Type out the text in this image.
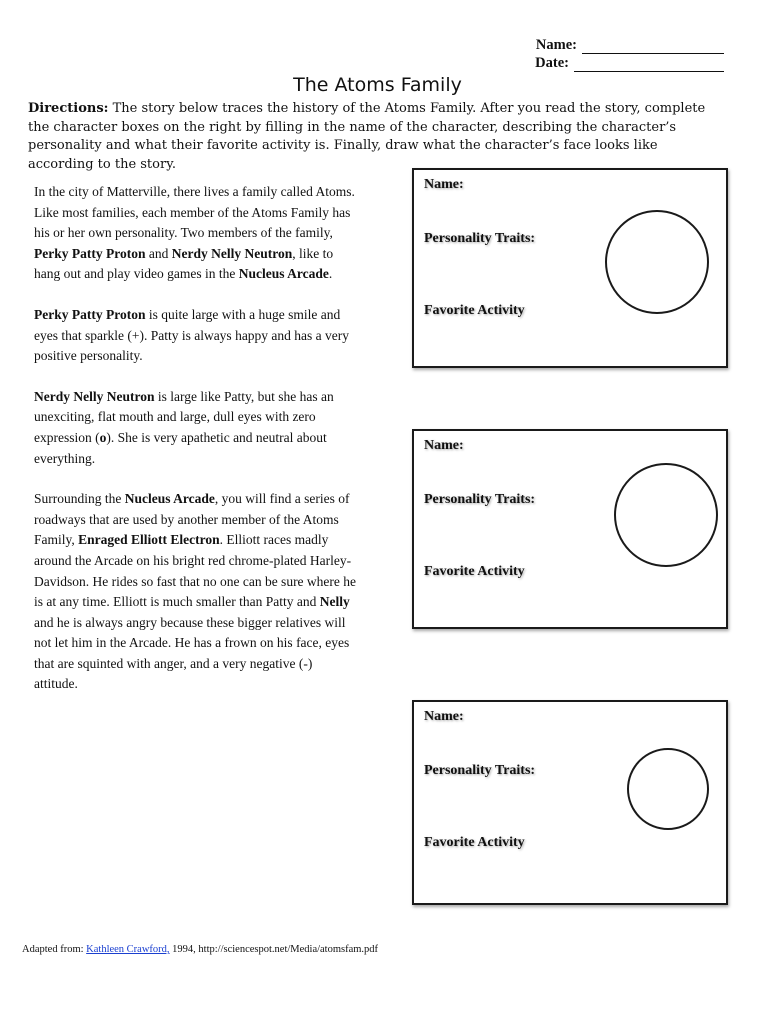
Name:
Date:
The Atoms Family
Directions: The story below traces the history of the Atoms Family. After you read the story, complete the character boxes on the right by filling in the name of the character, describing the character’s personality and what their favorite activity is. Finally, draw what the character’s face looks like according to the story.

In the city of Matterville, there lives a family called Atoms. Like most families, each member of the Atoms Family has his or her own personality. Two members of the family, Perky Patty Proton and Nerdy Nelly Neutron, like to hang out and play video games in the Nucleus Arcade.

Perky Patty Proton is quite large with a huge smile and eyes that sparkle (+). Patty is always happy and has a very positive personality.

Nerdy Nelly Neutron is large like Patty, but she has an unexciting, flat mouth and large, dull eyes with zero expression (o). She is very apathetic and neutral about everything.

Surrounding the Nucleus Arcade, you will find a series of roadways that are used by another member of the Atoms Family, Enraged Elliott Electron. Elliott races madly around the Arcade on his bright red chrome-plated Harley-Davidson. He rides so fast that no one can be sure where he is at any time. Elliott is much smaller than Patty and Nelly and he is always angry because these bigger relatives will not let him in the Arcade. He has a frown on his face, eyes that are squinted with anger, and a very negative (-) attitude.

Name:
Personality Traits:
Favorite Activity
Name:
Personality Traits:
Favorite Activity
Name:
Personality Traits:
Favorite Activity
Adapted from: Kathleen Crawford, 1994, http://sciencespot.net/Media/atomsfam.pdf
